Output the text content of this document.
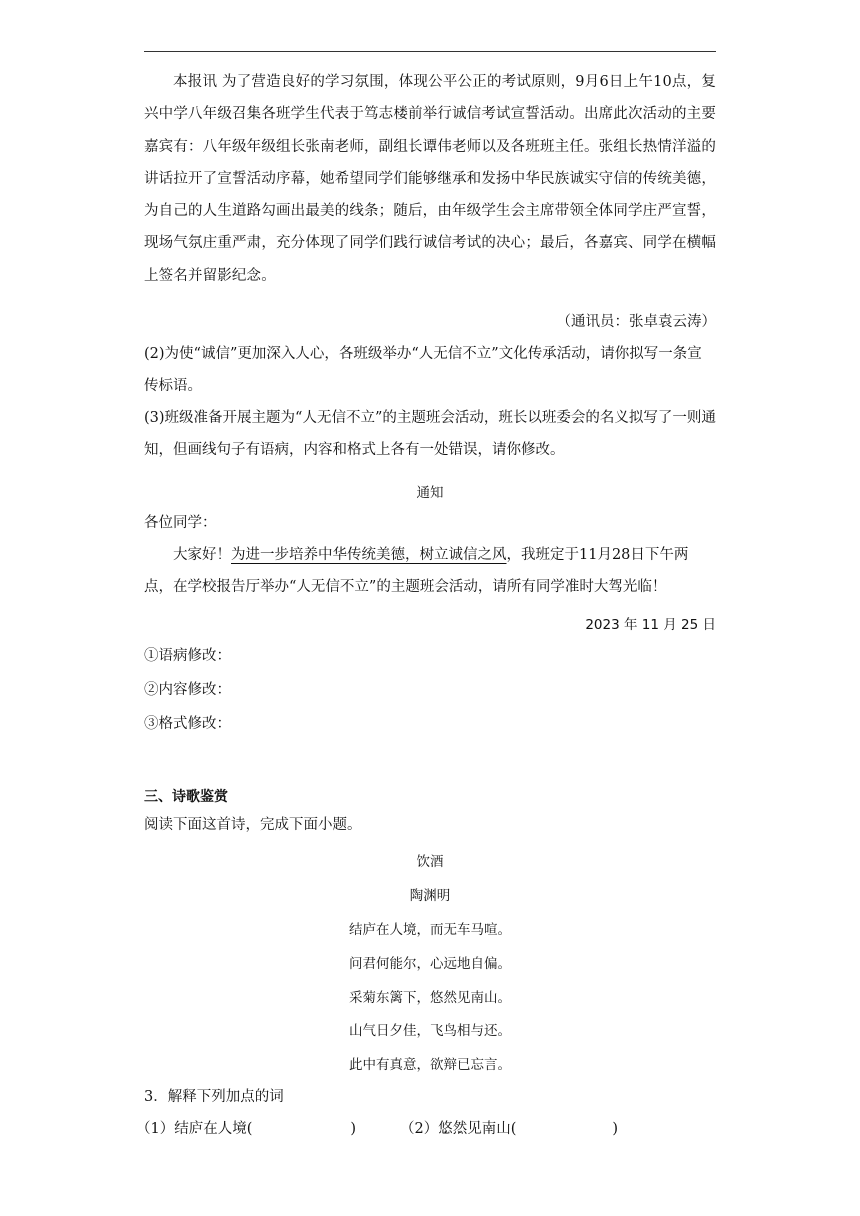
本报讯 为了营造良好的学习氛围，体现公平公正的考试原则，9月6日上午10点，复兴中学八年级召集各班学生代表于笃志楼前举行诚信考试宣誓活动。出席此次活动的主要嘉宾有：八年级年级组长张南老师，副组长谭伟老师以及各班班主任。张组长热情洋溢的讲话拉开了宣誓活动序幕，她希望同学们能够继承和发扬中华民族诚实守信的传统美德，为自己的人生道路勾画出最美的线条；随后，由年级学生会主席带领全体同学庄严宣誓，现场气氛庄重严肃，充分体现了同学们践行诚信考试的决心；最后，各嘉宾、同学在横幅上签名并留影纪念。
（通讯员：张卓袁云涛）
(2)为使“诚信”更加深入人心，各班级举办“人无信不立”文化传承活动，请你拟写一条宣传标语。
(3)班级准备开展主题为“人无信不立”的主题班会活动，班长以班委会的名义拟写了一则通知，但画线句子有语病，内容和格式上各有一处错误，请你修改。
通知
各位同学：
大家好！为进一步培养中华传统美德，树立诚信之风，我班定于11月28日下午两点，在学校报告厅举办“人无信不立”的主题班会活动，请所有同学准时大驾光临！
2023 年 11 月 25 日
①语病修改：
②内容修改：
③格式修改：
三、诗歌鉴赏
阅读下面这首诗，完成下面小题。
饮酒
陶渊明
结庐在人境，而无车马喧。
问君何能尔，心远地自偏。
采菊东篱下，悠然见南山。
山气日夕佳，飞鸟相与还。
此中有真意，欲辩已忘言。
3．解释下列加点的词
（1）结庐 ·在人境(	)	（2）悠 ·然 ·见南山(	)
